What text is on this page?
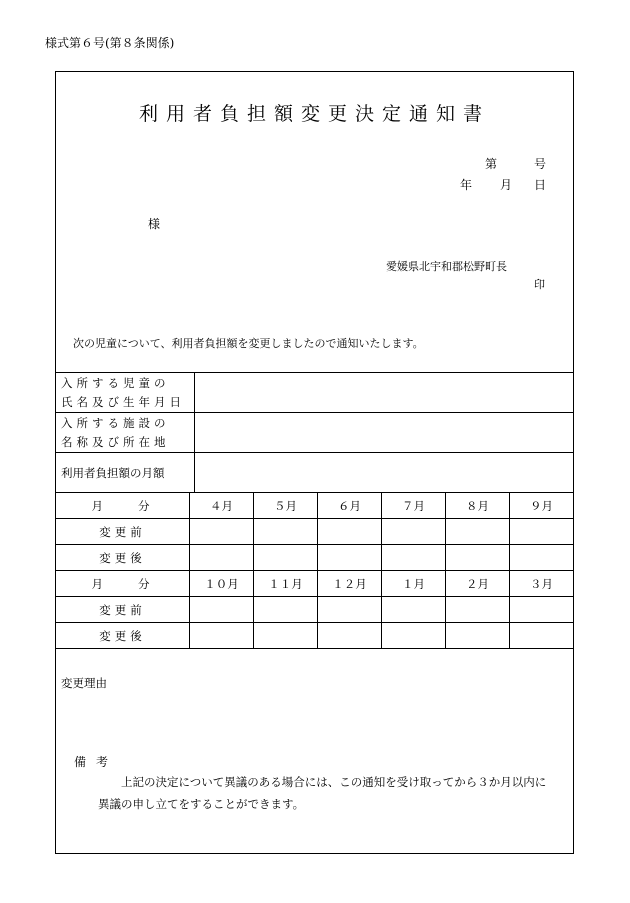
様式第６号(第８条関係)
利用者負担額変更決定通知書
第	号
年 月 日
様
愛媛県北宇和郡松野町長
印
次の児童について、利用者負担額を変更しましたので通知いたします。
入所する児童の
氏名及び生年月日	

入所する施設の
名称及び所在地	

利用者負担額の月額	
月　　分	４月	５月	６月	７月	８月	９月
変更前						
変更後						
月　　分	１０月	１１月	１２月	１月	２月	３月
変更前						
変更後						
変更理由
備考
上記の決定について異議のある場合には、この通知を受け取ってから３か月以内に
異議の申し立てをすることができます。
